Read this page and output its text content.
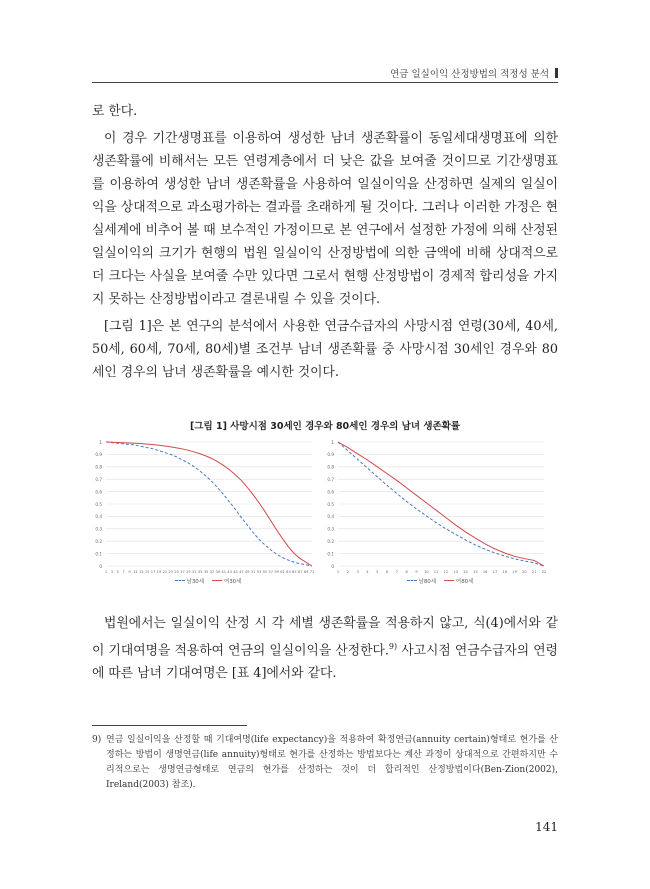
연금 일실이익 산정방법의 적정성 분석

로 한다.

이 경우 기간생명표를 이용하여 생성한 남녀 생존확률이 동일세대생명표에 의한 생존확률에 비해서는 모든 연령계층에서 더 낮은 값을 보여줄 것이므로 기간생명표를 이용하여 생성한 남녀 생존확률을 사용하여 일실이익을 산정하면 실제의 일실이익을 상대적으로 과소평가하는 결과를 초래하게 될 것이다. 그러나 이러한 가정은 현실세계에 비추어 볼 때 보수적인 가정이므로 본 연구에서 설정한 가정에 의해 산정된 일실이익의 크기가 현행의 법원 일실이익 산정방법에 의한 금액에 비해 상대적으로 더 크다는 사실을 보여줄 수만 있다면 그로서 현행 산정방법이 경제적 합리성을 가지지 못하는 산정방법이라고 결론내릴 수 있을 것이다.

[그림 1]은 본 연구의 분석에서 사용한 연금수급자의 사망시점 연령(30세, 40세, 50세, 60세, 70세, 80세)별 조건부 남녀 생존확률 중 사망시점 30세인 경우와 80세인 경우의 남녀 생존확률을 예시한 것이다.

[그림 1] 사망시점 30세인 경우와 80세인 경우의 남녀 생존확률
0
0.1
0.2
0.3
0.4
0.5
0.6
0.7
0.8
0.9
1
1 3 5 7 9 11 13 15 17 19 21 23 25 27 29 31 33 35 37 39 41 43 45 47 49 51 53 55 57 59 61 63 65 67 69 71
남30세	여30세
0
0.1
0.2
0.3
0.4
0.5
0.6
0.7
0.8
0.9
1
1 2 3 4 5 6 7 8 9 10 11 12 13 14 15 16 17 18 19 20 21 22
남80세	여80세

법원에서는 일실이익 산정 시 각 세별 생존확률을 적용하지 않고, 식(4)에서와 같이 기대여명을 적용하여 연금의 일실이익을 산정한다.$^{9)}$ 사고시점 연금수급자의 연령에 따른 남녀 기대여명은 [표 4]에서와 같다.

9) 연금 일실이익을 산정할 때 기대여명(life expectancy)을 적용하여 확정연금(annuity certain)형태로 현가를 산정하는 방법이 생명연금(life annuity)형태로 현가를 산정하는 방법보다는 계산 과정이 상대적으로 간편하지만 수리적으로는 생명연금형태로 연금의 현가를 산정하는 것이 더 합리적인 산정방법이다(Ben-Zion(2002), Ireland(2003) 참조).
141
